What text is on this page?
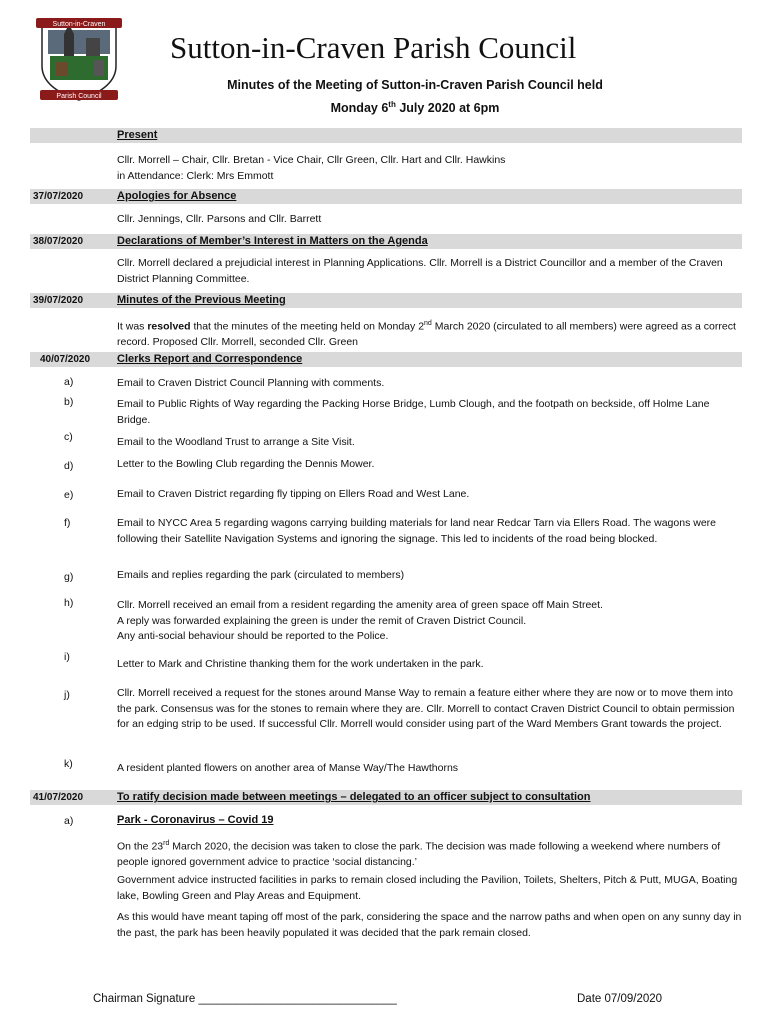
Sutton-in-Craven
Parish Council
Sutton-in-Craven Parish Council
Minutes of the Meeting of Sutton-in-Craven Parish Council held
Monday 6th July 2020 at 6pm
Present
Cllr. Morrell – Chair, Cllr. Bretan - Vice Chair, Cllr Green, Cllr. Hart and Cllr. Hawkins
in Attendance: Clerk: Mrs Emmott
37/07/2020	Apologies for Absence
Cllr. Jennings, Cllr. Parsons and Cllr. Barrett
38/07/2020	Declarations of Member’s Interest in Matters on the Agenda
Cllr. Morrell declared a prejudicial interest in Planning Applications. Cllr. Morrell is a District Councillor and a member of the Craven District Planning Committee.
39/07/2020	Minutes of the Previous Meeting
It was resolved that the minutes of the meeting held on Monday 2nd March 2020 (circulated to all members) were agreed as a correct record. Proposed Cllr. Morrell, seconded Cllr. Green
40/07/2020 Clerks Report and Correspondence
a)	Email to Craven District Council Planning with comments.
b)	Email to Public Rights of Way regarding the Packing Horse Bridge, Lumb Clough, and the footpath on beckside, off Holme Lane Bridge.
c)	Email to the Woodland Trust to arrange a Site Visit.
d)	Letter to the Bowling Club regarding the Dennis Mower.
e)	Email to Craven District regarding fly tipping on Ellers Road and West Lane.
f)	Email to NYCC Area 5 regarding wagons carrying building materials for land near Redcar Tarn via Ellers Road. The wagons were following their Satellite Navigation Systems and ignoring the signage. This led to incidents of the road being blocked.
g)	Emails and replies regarding the park (circulated to members)
h)	Cllr. Morrell received an email from a resident regarding the amenity area of green space off Main Street.
A reply was forwarded explaining the green is under the remit of Craven District Council.
Any anti-social behaviour should be reported to the Police.
i)
Letter to Mark and Christine thanking them for the work undertaken in the park.
j)	Cllr. Morrell received a request for the stones around Manse Way to remain a feature either where they are now or to move them into the park. Consensus was for the stones to remain where they are. Cllr. Morrell to contact Craven District Council to obtain permission for an edging strip to be used. If successful Cllr. Morrell would consider using part of the Ward Members Grant towards the project.
k)	A resident planted flowers on another area of Manse Way/The Hawthorns
41/07/2020	To ratify decision made between meetings – delegated to an officer subject to consultation
a)	Park - Coronavirus – Covid 19
On the 23rd March 2020, the decision was taken to close the park. The decision was made following a weekend where numbers of people ignored government advice to practice ‘social distancing.’
Government advice instructed facilities in parks to remain closed including the Pavilion, Toilets, Shelters, Pitch & Putt, MUGA, Boating lake, Bowling Green and Play Areas and Equipment.
As this would have meant taping off most of the park, considering the space and the narrow paths and when open on any sunny day in the past, the park has been heavily populated it was decided that the park remain closed.
Chairman Signature _______________________________	Date 07/09/2020
